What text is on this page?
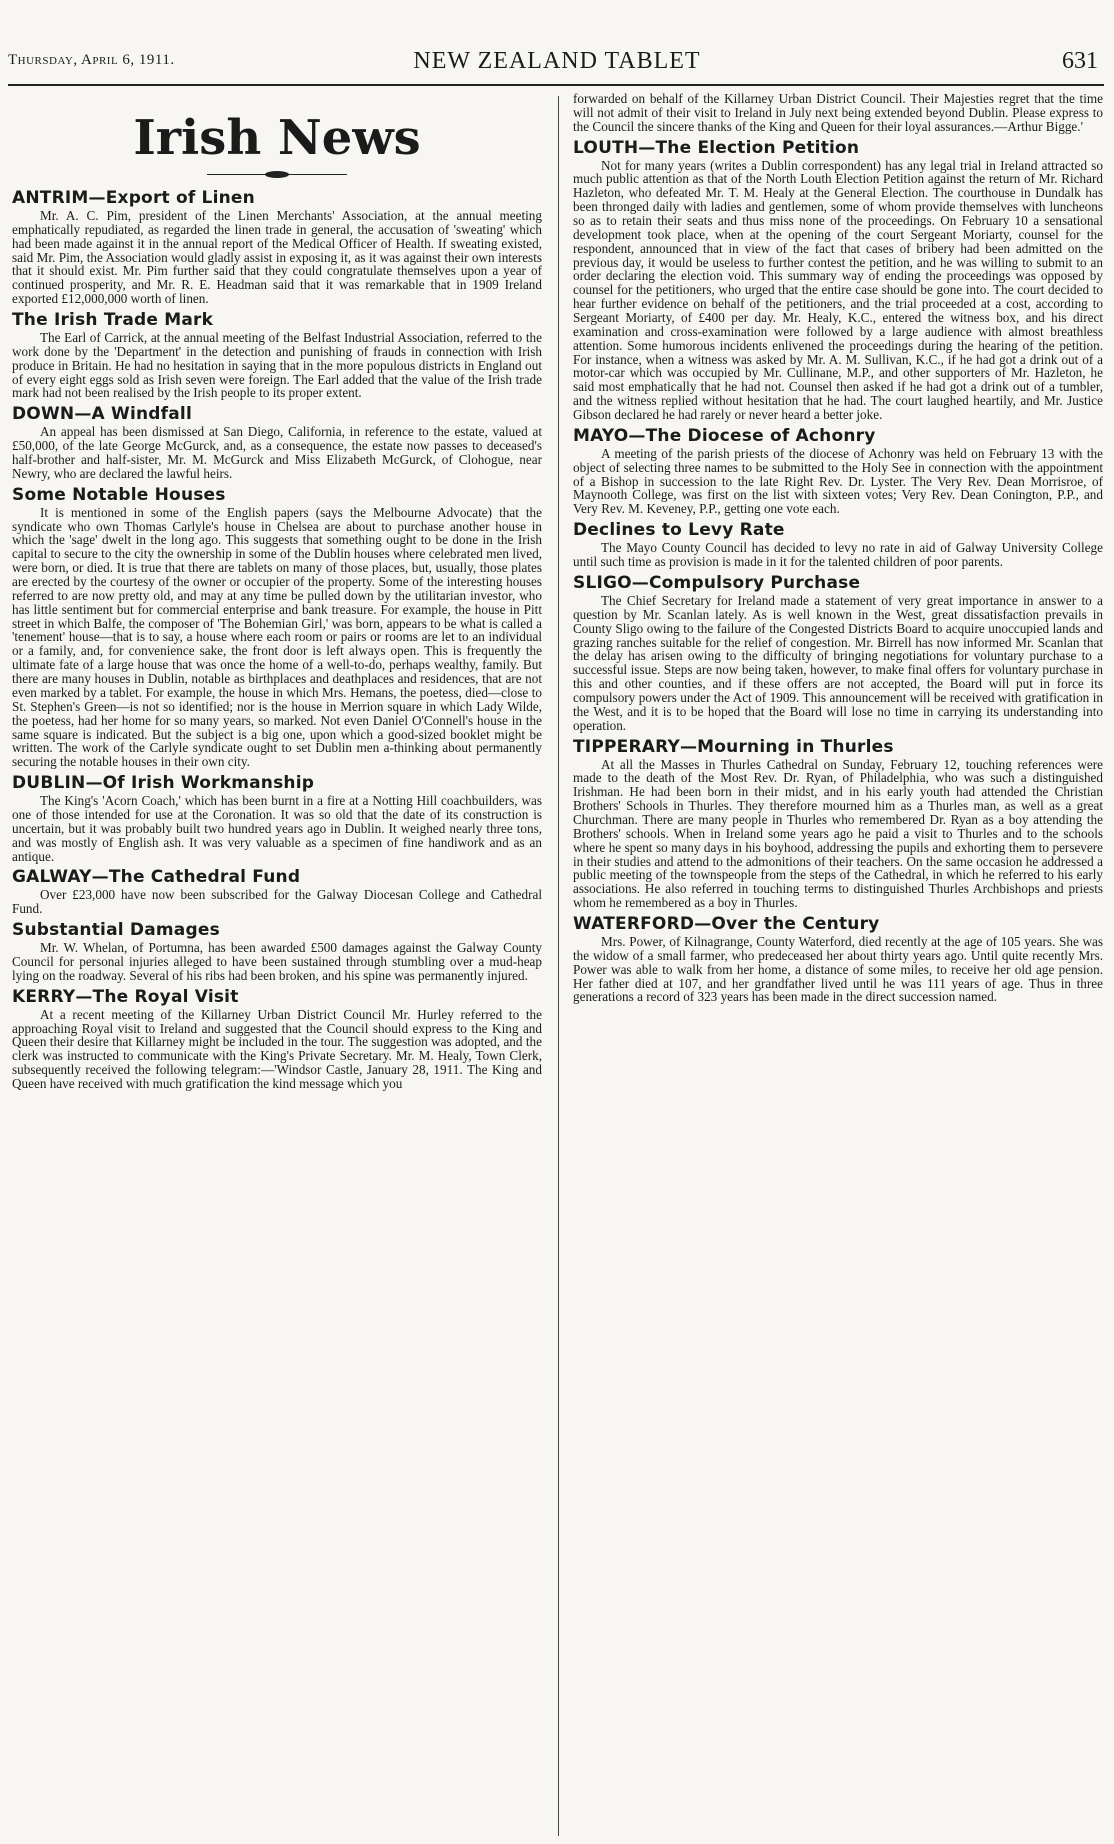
Thursday, April 6, 1911.	NEW ZEALAND TABLET	631
Irish News
ANTRIM—Export of Linen

Mr. A. C. Pim, president of the Linen Merchants' Association, at the annual meeting emphatically repudiated, as regarded the linen trade in general, the accusation of 'sweating' which had been made against it in the annual report of the Medical Officer of Health. If sweating existed, said Mr. Pim, the Association would gladly assist in exposing it, as it was against their own interests that it should exist. Mr. Pim further said that they could congratulate themselves upon a year of continued prosperity, and Mr. R. E. Headman said that it was remarkable that in 1909 Ireland exported £12,000,000 worth of linen.

The Irish Trade Mark

The Earl of Carrick, at the annual meeting of the Belfast Industrial Association, referred to the work done by the 'Department' in the detection and punishing of frauds in connection with Irish produce in Britain. He had no hesitation in saying that in the more populous districts in England out of every eight eggs sold as Irish seven were foreign. The Earl added that the value of the Irish trade mark had not been realised by the Irish people to its proper extent.

DOWN—A Windfall

An appeal has been dismissed at San Diego, California, in reference to the estate, valued at £50,000, of the late George McGurck, and, as a consequence, the estate now passes to deceased's half-brother and half-sister, Mr. M. McGurck and Miss Elizabeth McGurck, of Clohogue, near Newry, who are declared the lawful heirs.

Some Notable Houses

It is mentioned in some of the English papers (says the Melbourne Advocate) that the syndicate who own Thomas Carlyle's house in Chelsea are about to purchase another house in which the 'sage' dwelt in the long ago. This suggests that something ought to be done in the Irish capital to secure to the city the ownership in some of the Dublin houses where celebrated men lived, were born, or died. It is true that there are tablets on many of those places, but, usually, those plates are erected by the courtesy of the owner or occupier of the property. Some of the interesting houses referred to are now pretty old, and may at any time be pulled down by the utilitarian investor, who has little sentiment but for commercial enterprise and bank treasure. For example, the house in Pitt street in which Balfe, the composer of 'The Bohemian Girl,' was born, appears to be what is called a 'tenement' house—that is to say, a house where each room or pairs or rooms are let to an individual or a family, and, for convenience sake, the front door is left always open. This is frequently the ultimate fate of a large house that was once the home of a well-to-do, perhaps wealthy, family. But there are many houses in Dublin, notable as birthplaces and deathplaces and residences, that are not even marked by a tablet. For example, the house in which Mrs. Hemans, the poetess, died—close to St. Stephen's Green—is not so identified; nor is the house in Merrion square in which Lady Wilde, the poetess, had her home for so many years, so marked. Not even Daniel O'Connell's house in the same square is indicated. But the subject is a big one, upon which a good-sized booklet might be written. The work of the Carlyle syndicate ought to set Dublin men a-thinking about permanently securing the notable houses in their own city.

DUBLIN—Of Irish Workmanship

The King's 'Acorn Coach,' which has been burnt in a fire at a Notting Hill coachbuilders, was one of those intended for use at the Coronation. It was so old that the date of its construction is uncertain, but it was probably built two hundred years ago in Dublin. It weighed nearly three tons, and was mostly of English ash. It was very valuable as a specimen of fine handiwork and as an antique.

GALWAY—The Cathedral Fund

Over £23,000 have now been subscribed for the Galway Diocesan College and Cathedral Fund.

Substantial Damages

Mr. W. Whelan, of Portumna, has been awarded £500 damages against the Galway County Council for personal injuries alleged to have been sustained through stumbling over a mud-heap lying on the roadway. Several of his ribs had been broken, and his spine was permanently injured.

KERRY—The Royal Visit

At a recent meeting of the Killarney Urban District Council Mr. Hurley referred to the approaching Royal visit to Ireland and suggested that the Council should express to the King and Queen their desire that Killarney might be included in the tour. The suggestion was adopted, and the clerk was instructed to communicate with the King's Private Secretary. Mr. M. Healy, Town Clerk, subsequently received the following telegram:—'Windsor Castle, January 28, 1911. The King and Queen have received with much gratification the kind message which you

forwarded on behalf of the Killarney Urban District Council. Their Majesties regret that the time will not admit of their visit to Ireland in July next being extended beyond Dublin. Please express to the Council the sincere thanks of the King and Queen for their loyal assurances.—Arthur Bigge.'

LOUTH—The Election Petition

Not for many years (writes a Dublin correspondent) has any legal trial in Ireland attracted so much public attention as that of the North Louth Election Petition against the return of Mr. Richard Hazleton, who defeated Mr. T. M. Healy at the General Election. The courthouse in Dundalk has been thronged daily with ladies and gentlemen, some of whom provide themselves with luncheons so as to retain their seats and thus miss none of the proceedings. On February 10 a sensational development took place, when at the opening of the court Sergeant Moriarty, counsel for the respondent, announced that in view of the fact that cases of bribery had been admitted on the previous day, it would be useless to further contest the petition, and he was willing to submit to an order declaring the election void. This summary way of ending the proceedings was opposed by counsel for the petitioners, who urged that the entire case should be gone into. The court decided to hear further evidence on behalf of the petitioners, and the trial proceeded at a cost, according to Sergeant Moriarty, of £400 per day. Mr. Healy, K.C., entered the witness box, and his direct examination and cross-examination were followed by a large audience with almost breathless attention. Some humorous incidents enlivened the proceedings during the hearing of the petition. For instance, when a witness was asked by Mr. A. M. Sullivan, K.C., if he had got a drink out of a motor-car which was occupied by Mr. Cullinane, M.P., and other supporters of Mr. Hazleton, he said most emphatically that he had not. Counsel then asked if he had got a drink out of a tumbler, and the witness replied without hesitation that he had. The court laughed heartily, and Mr. Justice Gibson declared he had rarely or never heard a better joke.

MAYO—The Diocese of Achonry

A meeting of the parish priests of the diocese of Achonry was held on February 13 with the object of selecting three names to be submitted to the Holy See in connection with the appointment of a Bishop in succession to the late Right Rev. Dr. Lyster. The Very Rev. Dean Morrisroe, of Maynooth College, was first on the list with sixteen votes; Very Rev. Dean Conington, P.P., and Very Rev. M. Keveney, P.P., getting one vote each.

Declines to Levy Rate

The Mayo County Council has decided to levy no rate in aid of Galway University College until such time as provision is made in it for the talented children of poor parents.

SLIGO—Compulsory Purchase

The Chief Secretary for Ireland made a statement of very great importance in answer to a question by Mr. Scanlan lately. As is well known in the West, great dissatisfaction prevails in County Sligo owing to the failure of the Congested Districts Board to acquire unoccupied lands and grazing ranches suitable for the relief of congestion. Mr. Birrell has now informed Mr. Scanlan that the delay has arisen owing to the difficulty of bringing negotiations for voluntary purchase to a successful issue. Steps are now being taken, however, to make final offers for voluntary purchase in this and other counties, and if these offers are not accepted, the Board will put in force its compulsory powers under the Act of 1909. This announcement will be received with gratification in the West, and it is to be hoped that the Board will lose no time in carrying its understanding into operation.

TIPPERARY—Mourning in Thurles

At all the Masses in Thurles Cathedral on Sunday, February 12, touching references were made to the death of the Most Rev. Dr. Ryan, of Philadelphia, who was such a distinguished Irishman. He had been born in their midst, and in his early youth had attended the Christian Brothers' Schools in Thurles. They therefore mourned him as a Thurles man, as well as a great Churchman. There are many people in Thurles who remembered Dr. Ryan as a boy attending the Brothers' schools. When in Ireland some years ago he paid a visit to Thurles and to the schools where he spent so many days in his boyhood, addressing the pupils and exhorting them to persevere in their studies and attend to the admonitions of their teachers. On the same occasion he addressed a public meeting of the townspeople from the steps of the Cathedral, in which he referred to his early associations. He also referred in touching terms to distinguished Thurles Archbishops and priests whom he remembered as a boy in Thurles.

WATERFORD—Over the Century

Mrs. Power, of Kilnagrange, County Waterford, died recently at the age of 105 years. She was the widow of a small farmer, who predeceased her about thirty years ago. Until quite recently Mrs. Power was able to walk from her home, a distance of some miles, to receive her old age pension. Her father died at 107, and her grandfather lived until he was 111 years of age. Thus in three generations a record of 323 years has been made in the direct succession named.
